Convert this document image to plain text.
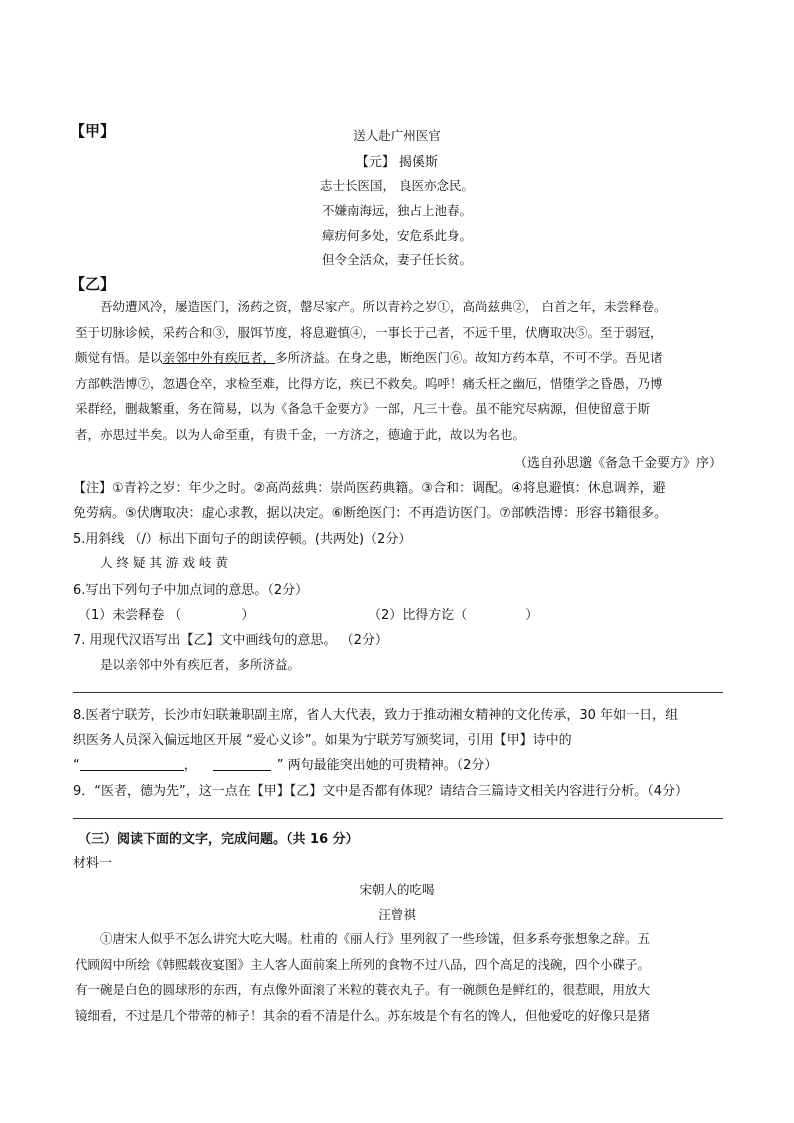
【甲】	送人赴广州医官
【元】 揭傒斯
志士长医国， 良医亦念民。
不嫌南海远，独占上池春。
瘴疠何多处，安危系此身。
但令全活众，妻子任长贫。
【乙】
吾幼遭风冷，屡造医门，汤药之资，罄尽家产。所以青衿之岁①，高尚兹典②， 白首之年，未尝释卷。
至于切脉诊候，采药合和③，服饵节度，将息避慎④，一事长于己者，不远千里，伏膺取决⑤。至于弱冠，
颇觉有悟。是以亲邻中外有疾厄者，多所济益。在身之患，断绝医门⑥。故知方药本草，不可不学。吾见诸
方部帙浩博⑦，忽遇仓卒，求检至难，比得方讫，疾已不救矣。呜呼！痛夭枉之幽厄，惜堕学之昏愚，乃博
采群经，删裁繁重，务在简易，以为《备急千金要方》一部，凡三十卷。虽不能究尽病源，但使留意于斯
者，亦思过半矣。以为人命至重，有贵千金，一方济之，德逾于此，故以为名也。
（选自孙思邈《备急千金要方》序）
【注】①青衿之岁：年少之时。②高尚兹典：崇尚医药典籍。③合和：调配。④将息避慎：休息调养，避
免劳病。⑤伏膺取决：虚心求教，据以决定。⑥断绝医门：不再造访医门。⑦部帙浩博：形容书籍很多。
5.用斜线 （/）标出下面句子的朗读停顿。(共两处)（2分）
人 终 疑 其 游 戏 岐 黄
6.写出下列句子中加点词的意思。（2分）
（1）未尝释卷 （	）	（2）比得方讫（	）
7. 用现代汉语写出【乙】文中画线句的意思。 （2分）
是以亲邻中外有疾厄者，多所济益。
8.医者宁联芳，长沙市妇联兼职副主席，省人大代表，致力于推动湘女精神的文化传承，30 年如一日，组
织医务人员深入偏远地区开展 “爱心义诊”。如果为宁联芳写颁奖词，引用【甲】诗中的
“	，	” 两句最能突出她的可贵精神。（2分）
9．“医者，德为先”，这一点在【甲】【乙】文中是否都有体现？请结合三篇诗文相关内容进行分析。（4分）
（三）阅读下面的文字，完成问题。（共 16 分）
材料一
宋朝人的吃喝
汪曾祺
①唐宋人似乎不怎么讲究大吃大喝。杜甫的《丽人行》里列叙了一些珍馐，但多系夸张想象之辞。五
代顾闳中所绘《韩熙载夜宴图》主人客人面前案上所列的食物不过八品，四个高足的浅碗，四个小碟子。
有一碗是白色的圆球形的东西，有点像外面滚了米粒的蓑衣丸子。有一碗颜色是鲜红的，很惹眼，用放大
镜细看，不过是几个带蒂的柿子！其余的看不清是什么。苏东坡是个有名的馋人，但他爱吃的好像只是猪
